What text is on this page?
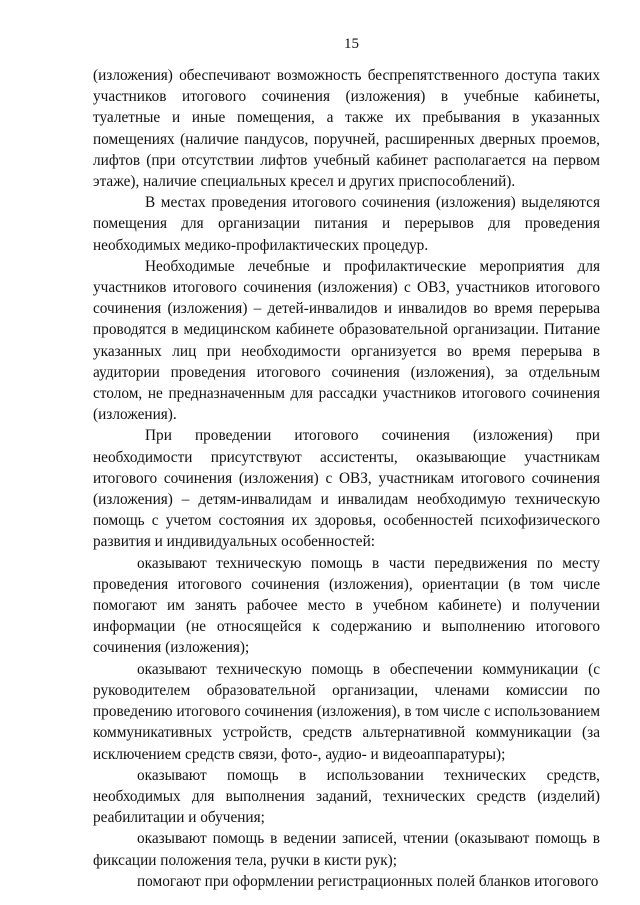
15

(изложения) обеспечивают возможность беспрепятственного доступа таких участников итогового сочинения (изложения) в учебные кабинеты, туалетные и иные помещения, а также их пребывания в указанных помещениях (наличие пандусов, поручней, расширенных дверных проемов, лифтов (при отсутствии лифтов учебный кабинет располагается на первом этаже), наличие специальных кресел и других приспособлений).

В местах проведения итогового сочинения (изложения) выделяются помещения для организации питания и перерывов для проведения необходимых медико-профилактических процедур.

Необходимые лечебные и профилактические мероприятия для участников итогового сочинения (изложения) с ОВЗ, участников итогового сочинения (изложения) – детей-инвалидов и инвалидов во время перерыва проводятся в медицинском кабинете образовательной организации. Питание указанных лиц при необходимости организуется во время перерыва в аудитории проведения итогового сочинения (изложения), за отдельным столом, не предназначенным для рассадки участников итогового сочинения (изложения).

При проведении итогового сочинения (изложения) при необходимости присутствуют ассистенты, оказывающие участникам итогового сочинения (изложения) с ОВЗ, участникам итогового сочинения (изложения) – детям-инвалидам и инвалидам необходимую техническую помощь с учетом состояния их здоровья, особенностей психофизического развития и индивидуальных особенностей:

оказывают техническую помощь в части передвижения по месту проведения итогового сочинения (изложения), ориентации (в том числе помогают им занять рабочее место в учебном кабинете) и получении информации (не относящейся к содержанию и выполнению итогового сочинения (изложения);

оказывают техническую помощь в обеспечении коммуникации (с руководителем образовательной организации, членами комиссии по проведению итогового сочинения (изложения), в том числе с использованием коммуникативных устройств, средств альтернативной коммуникации (за исключением средств связи, фото-, аудио- и видеоаппаратуры);

оказывают помощь в использовании технических средств, необходимых для выполнения заданий, технических средств (изделий) реабилитации и обучения;

оказывают помощь в ведении записей, чтении (оказывают помощь в фиксации положения тела, ручки в кисти рук);

помогают при оформлении регистрационных полей бланков итогового
